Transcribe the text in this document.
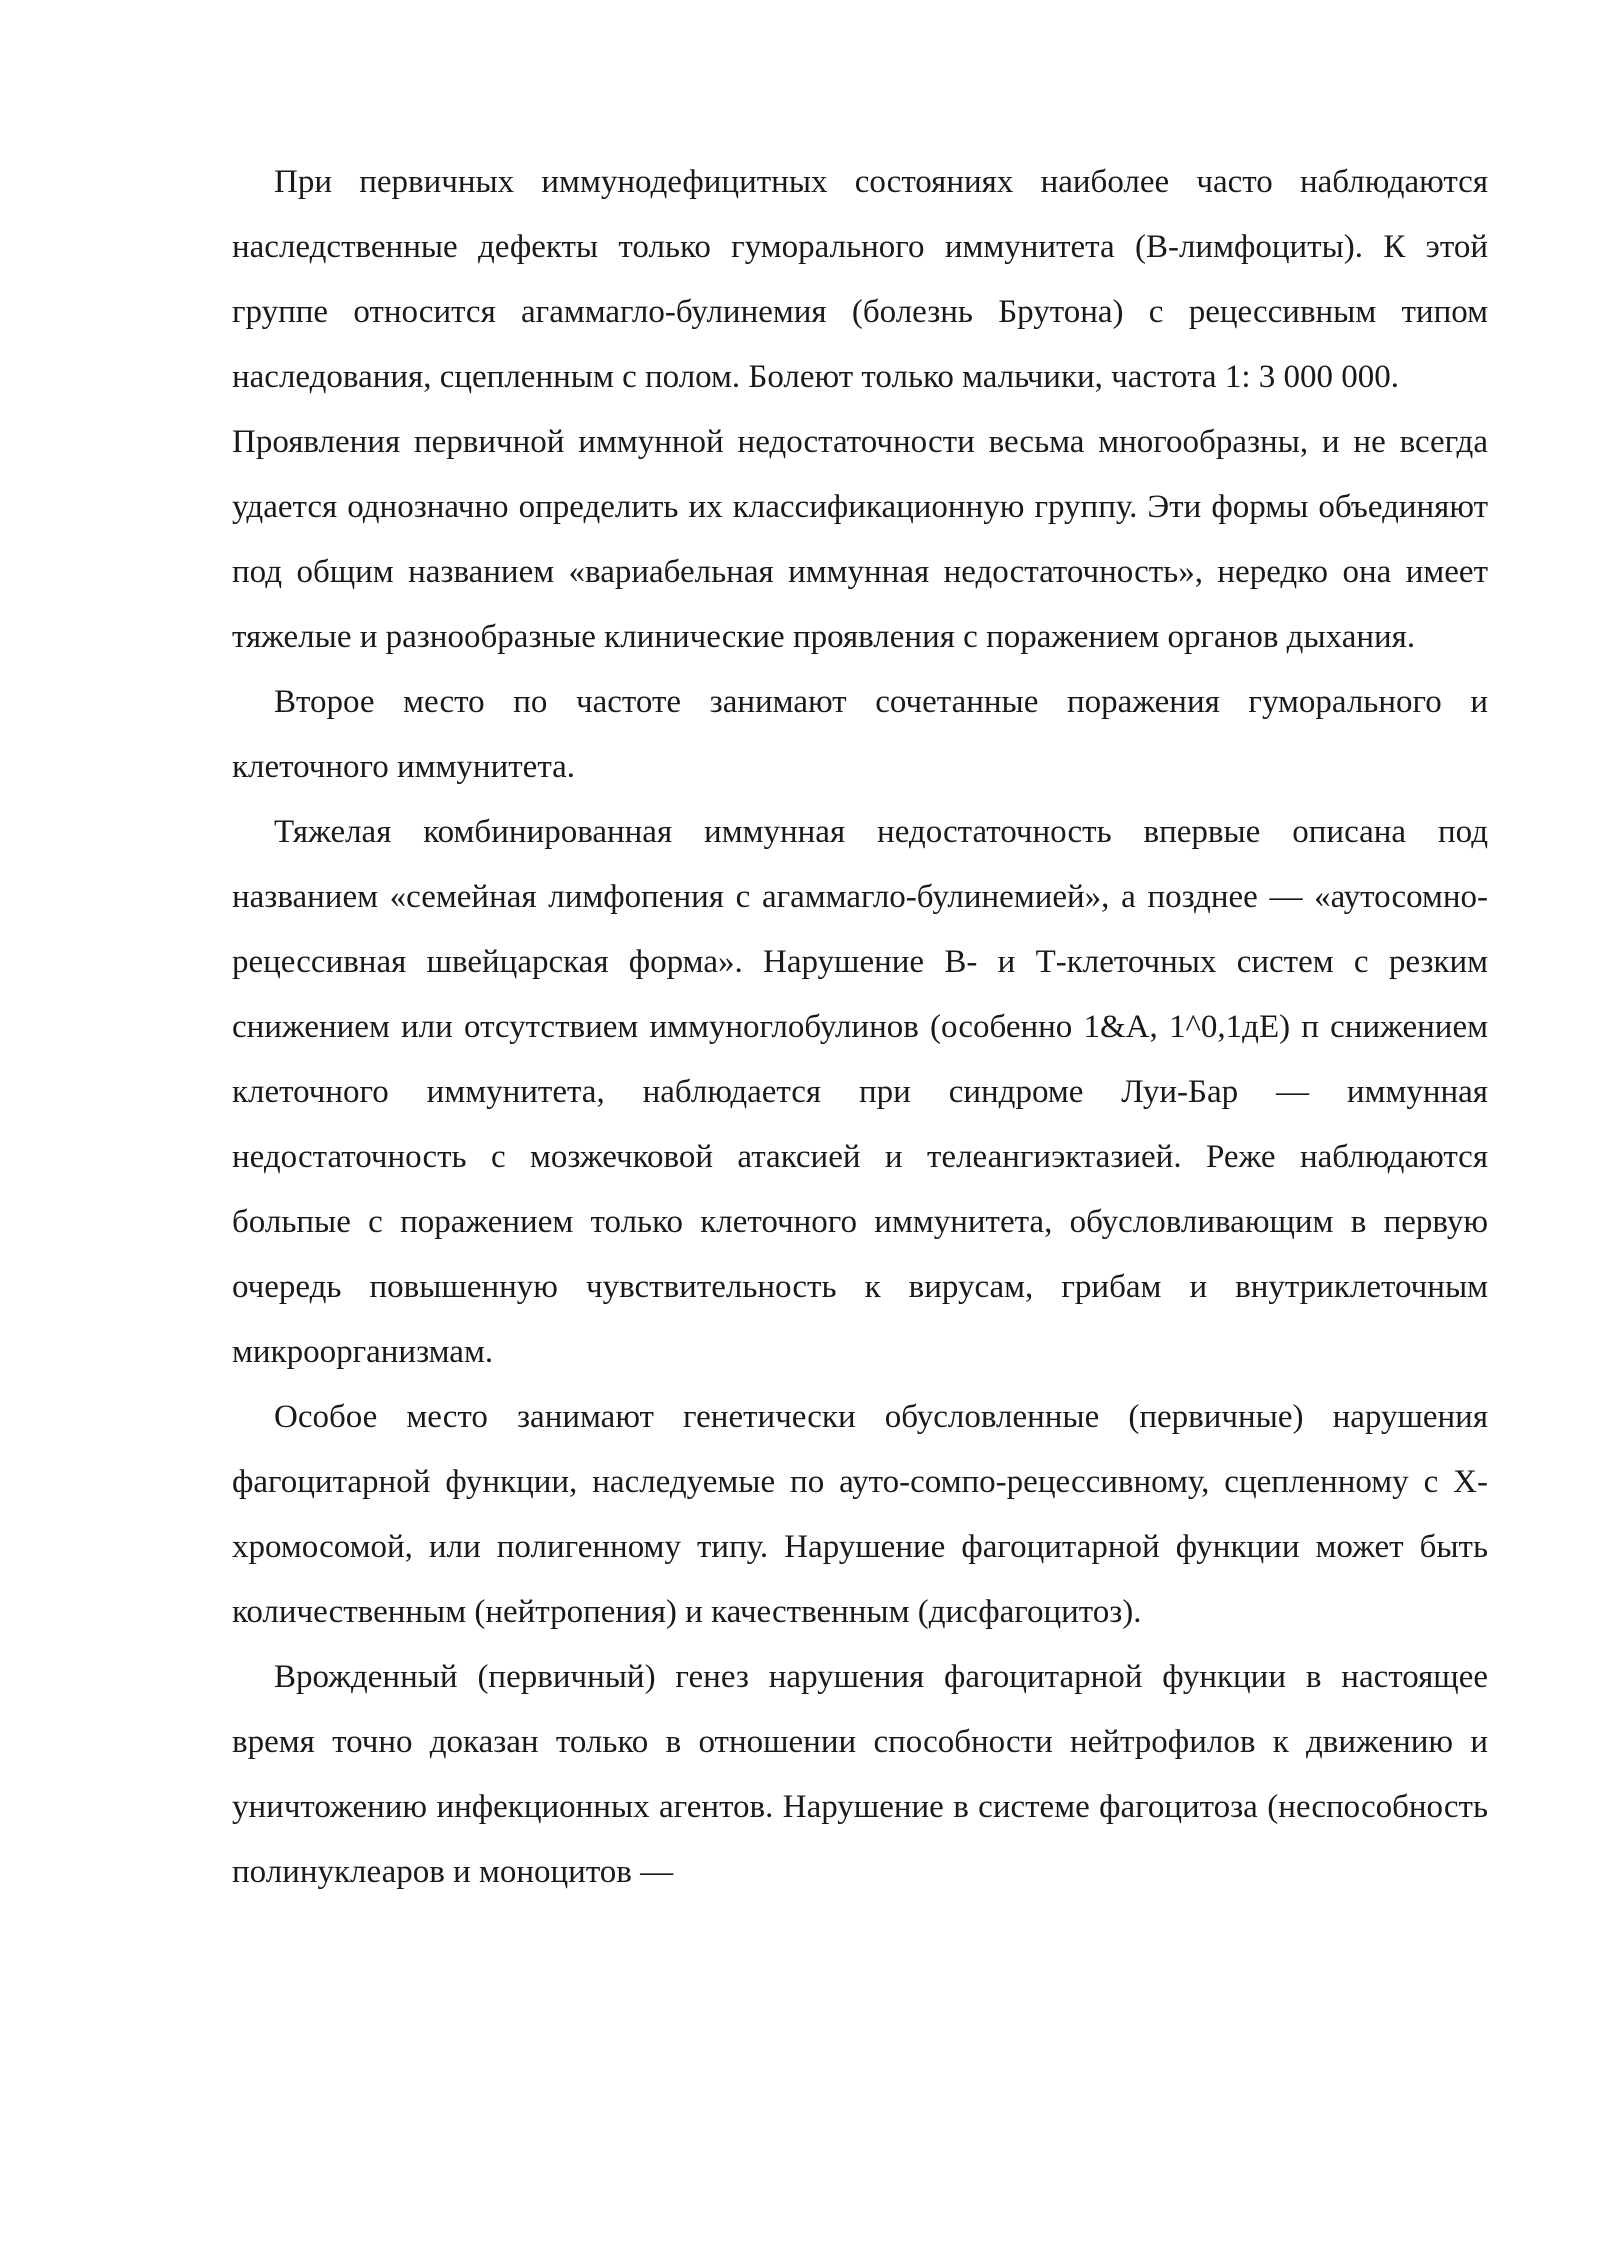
При первичных иммунодефицитных состояниях наиболее часто наблюдаются наследственные дефекты только гуморального иммунитета (В-лимфоциты). К этой группе относится агаммагло-булинемия (болезнь Брутона) с рецессивным типом наследования, сцепленным с полом. Болеют только мальчики, частота 1: 3 000 000.

Проявления первичной иммунной недостаточности весьма многообразны, и не всегда удается однозначно определить их классификационную группу. Эти формы объединяют под общим названием «вариабельная иммунная недостаточность», нередко она имеет тяжелые и разнообразные клинические проявления с поражением органов дыхания.

Второе место по частоте занимают сочетанные поражения гуморального и клеточного иммунитета.

Тяжелая комбинированная иммунная недостаточность впервые описана под названием «семейная лимфопения с агаммагло-булинемией», а позднее — «аутосомно-рецессивная швейцарская форма». Нарушение В- и Т-клеточных систем с резким снижением или отсутствием иммуноглобулинов (особенно 1&А, 1^0,1дЕ) п снижением клеточного иммунитета, наблюдается при синдроме Луи-Бар — иммунная недостаточность с мозжечковой атаксией и телеангиэктазией. Реже наблюдаются больпые с поражением только клеточного иммунитета, обусловливающим в первую очередь повышенную чувствительность к вирусам, грибам и внутриклеточным микроорганизмам.

Особое место занимают генетически обусловленные (первичные) нарушения фагоцитарной функции, наследуемые по ауто-сомпо-рецессивному, сцепленному с Х-хромосомой, или полигенному типу. Нарушение фагоцитарной функции может быть количественным (нейтропения) и качественным (дисфагоцитоз).

Врожденный (первичный) генез нарушения фагоцитарной функции в настоящее время точно доказан только в отношении способности нейтрофилов к движению и уничтожению инфекционных агентов. Нарушение в системе фагоцитоза (неспособность полинуклеаров и моноцитов —
